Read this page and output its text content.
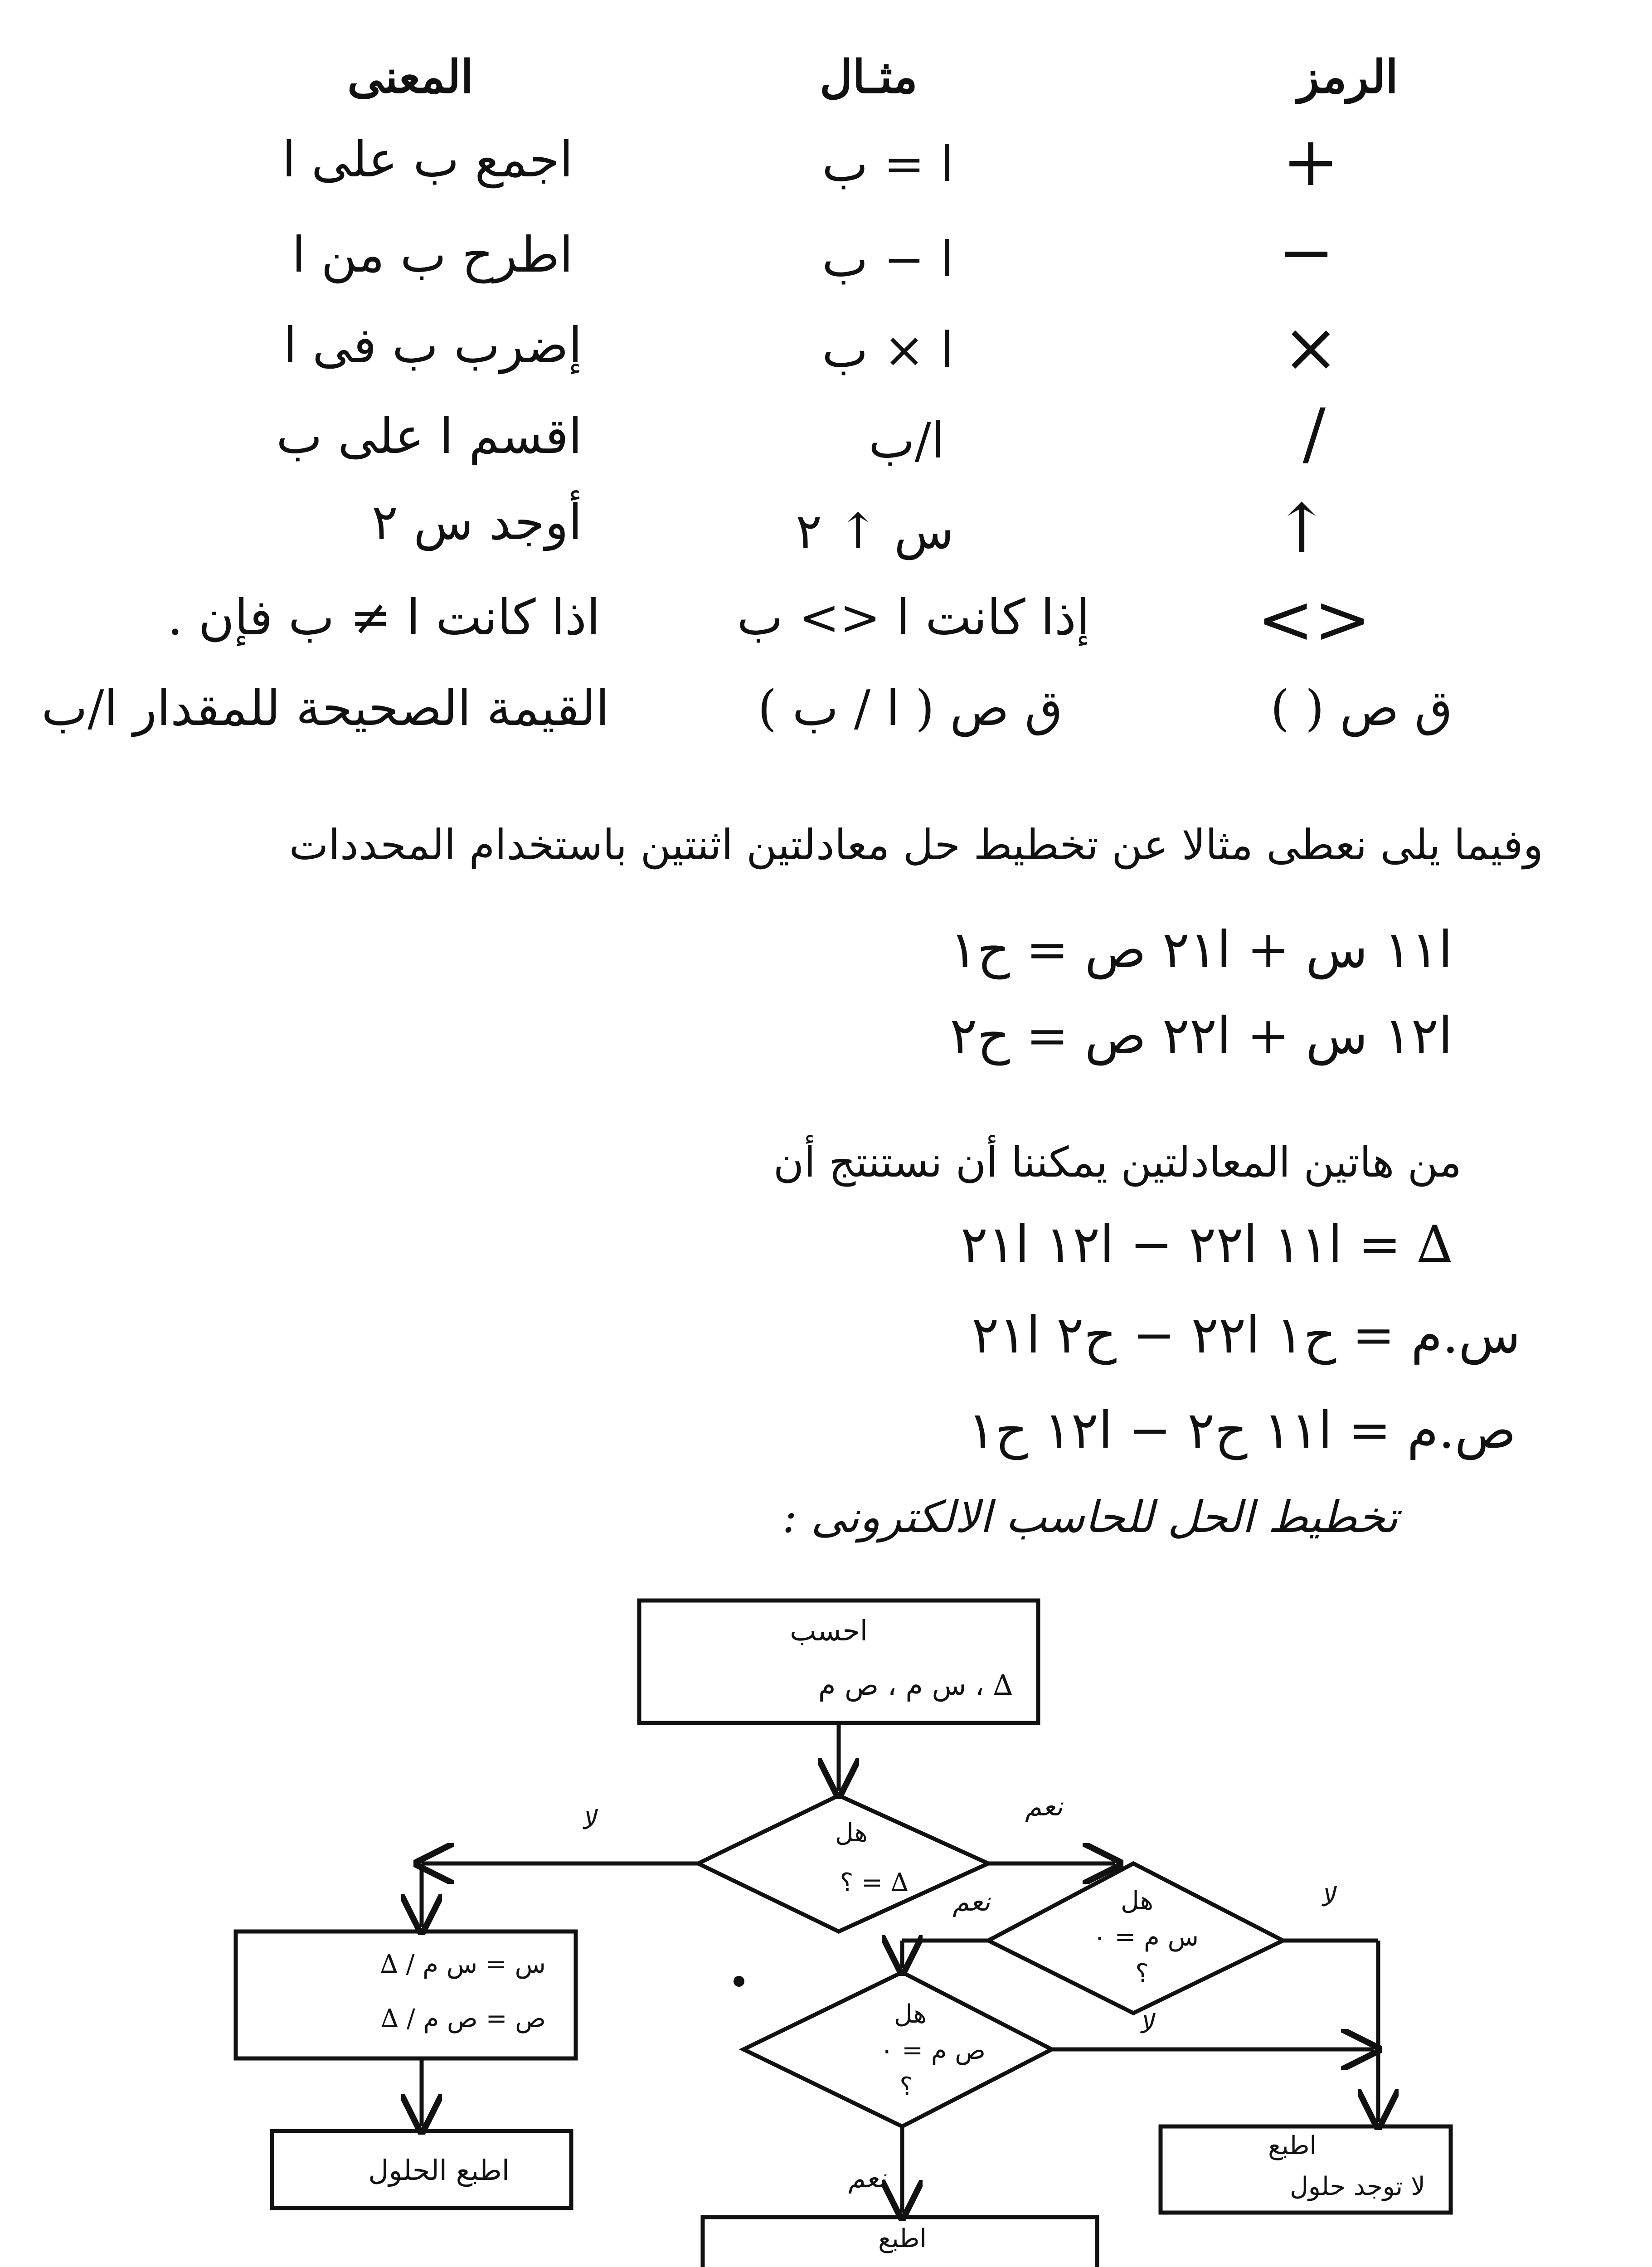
الرمز
مثـال
المعنى
+
ا = ب
اجمع ب على ا
−
ا − ب
اطرح ب من ا
×
ا × ب
إضرب ب فى ا
/
ا/ب
اقسم ا على ب
↑
س ↑ ٢
أوجد س ٢
<>
إذا كانت ا <> ب
اذا كانت ا ≠ ب فإن .
ق ص ( )
ق ص ( ا / ب )
القيمة الصحيحة للمقدار ا/ب
وفيما يلى نعطى مثالا عن تخطيط حل معادلتين اثنتين باستخدام المحددات
ا١١ س + ا٢١ ص = ح١
ا١٢ س + ا٢٢ ص = ح٢
من هاتين المعادلتين يمكننا أن نستنتج أن
∆ = ا١١ ا٢٢ − ا١٢ ا٢١
س.م = ح١ ا٢٢ − ح٢ ا٢١
ص.م = ا١١ ح٢ − ا١٢ ح١
تخطيط الحل للحاسب الالكترونى :
احسب
∆ ، س م ، ص م
هل
∆ = ؟
هل
س م = ٠
؟
هل
ص م = ٠
؟
س = س م / ∆
ص = ص م / ∆
اطبع الحلول
اطبع
لا توجد حلول
اطبع
لا	نعم
نعم	لا
لا
نعم
